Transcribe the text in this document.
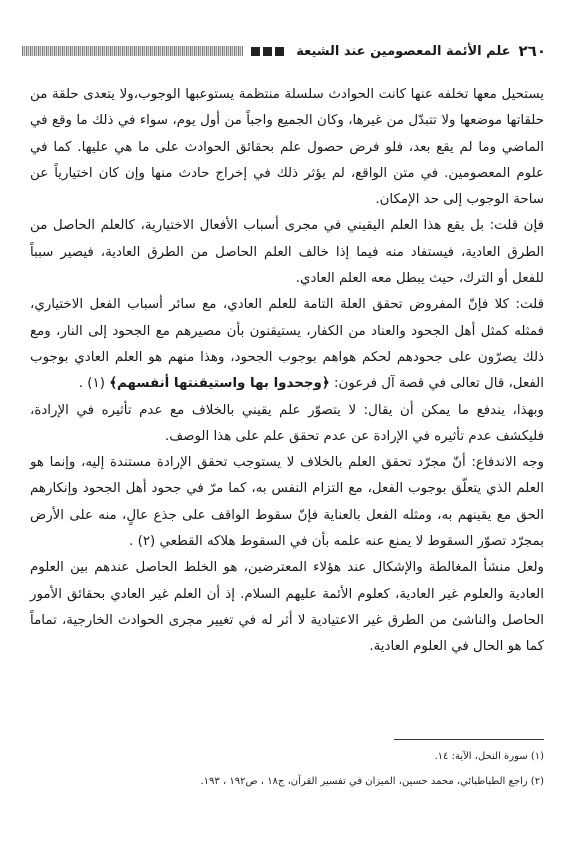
٢٦٠
علم الأئمة المعصومين عند الشيعة

يستحيل معها تخلفه عنها كانت الحوادث سلسلة منتظمة يستوعبها الوجوب،ولا يتعدى حلقة من حلقاتها موضعها ولا تتبدّل من غيرها، وكان الجميع واجباً من أول يوم، سواء في ذلك ما وقع في الماضي وما لم يقع بعد، فلو فرض حصول علم بحقائق الحوادث على ما هي عليها. كما في علوم المعصومين. في متن الواقع، لم يؤثر ذلك في إخراج حادث منها وإن كان اختيارياً عن ساحة الوجوب إلى حد الإمكان.

فإن قلت: بل يقع هذا العلم اليقيني في مجرى أسباب الأفعال الاختيارية، كالعلم الحاصل من الطرق العادية، فيستفاد منه فيما إذا خالف العلم الحاصل من الطرق العادية، فيصير سبباً للفعل أو الترك، حيث يبطل معه العلم العادي.

قلت: كلا فإنّ المفروض تحقق العلة التامة للعلم العادي، مع سائر أسباب الفعل الاختياري، فمثله كمثل أهل الجحود والعناد من الكفار، يستيقنون بأن مصيرهم مع الجحود إلى النار، ومع ذلك يصرّون على جحودهم لحكم هواهم بوجوب الجحود، وهذا منهم هو العلم العادي بوجوب الفعل، قال تعالى في قصة آل فرعون: ﴿وجحدوا بها واستيقنتها أنفسهم﴾ (١) .

وبهذا، يندفع ما يمكن أن يقال: لا يتصوّر علم يقيني بالخلاف مع عدم تأثيره في الإرادة، فليكشف عدم تأثيره في الإرادة عن عدم تحقق علم على هذا الوصف.

وجه الاندفاع: أنّ مجرّد تحقق العلم بالخلاف لا يستوجب تحقق الإرادة مستندة إليه، وإنما هو العلم الذي يتعلّق بوجوب الفعل، مع التزام النفس به، كما مرّ في جحود أهل الجحود وإنكارهم الحق مع يقينهم به، ومثله الفعل بالعناية فإنّ سقوط الواقف على جذع عالٍ، منه على الأرض بمجرّد تصوّر السقوط لا يمنع عنه علمه بأن في السقوط هلاكه القطعي (٢) .

ولعل منشأ المغالطة والإشكال عند هؤلاء المعترضين، هو الخلط الحاصل عندهم بين العلوم العادية والعلوم غير العادية، كعلوم الأئمة عليهم السلام. إذ أن العلم غير العادي بحقائق الأمور الحاصل والناشئ من الطرق غير الاعتيادية لا أثر له في تغيير مجرى الحوادث الخارجية، تماماً كما هو الحال في العلوم العادية.

(١) سورة النحل، الآية: ١٤.

(٢) راجع الطباطبائي، محمد حسين، الميزان في تفسير القرآن، ج١٨ ، ص١٩٢ ، ١٩٣.
